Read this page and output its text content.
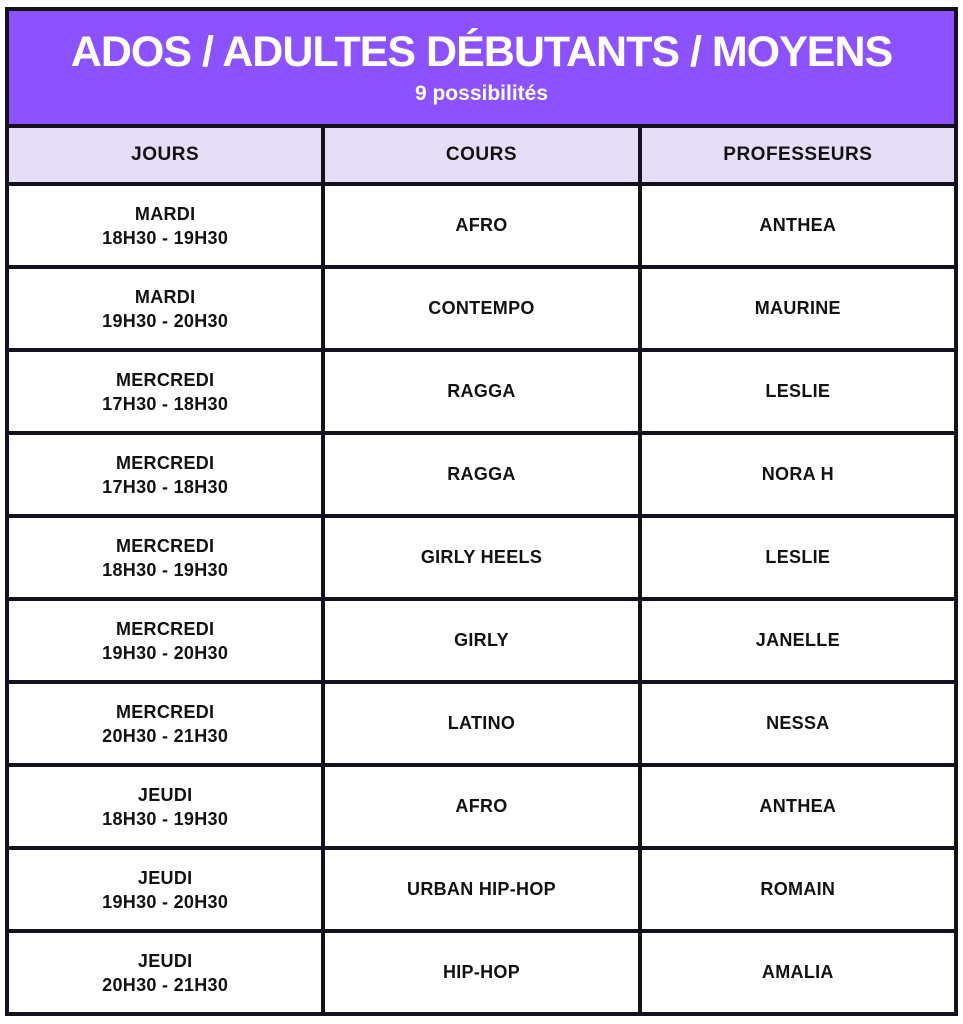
ADOS / ADULTES DÉBUTANTS / MOYENS
9 possibilités
JOURS	COURS	PROFESSEURS

MARDI
18H30 - 19H30	AFRO	ANTHEA

MARDI
19H30 - 20H30	CONTEMPO	MAURINE

MERCREDI
17H30 - 18H30	RAGGA	LESLIE

MERCREDI
17H30 - 18H30	RAGGA	NORA H

MERCREDI
18H30 - 19H30	GIRLY HEELS	LESLIE

MERCREDI
19H30 - 20H30	GIRLY	JANELLE

MERCREDI
20H30 - 21H30	LATINO	NESSA

JEUDI
18H30 - 19H30	AFRO	ANTHEA

JEUDI
19H30 - 20H30	URBAN HIP-HOP	ROMAIN

JEUDI
20H30 - 21H30	HIP-HOP	AMALIA
